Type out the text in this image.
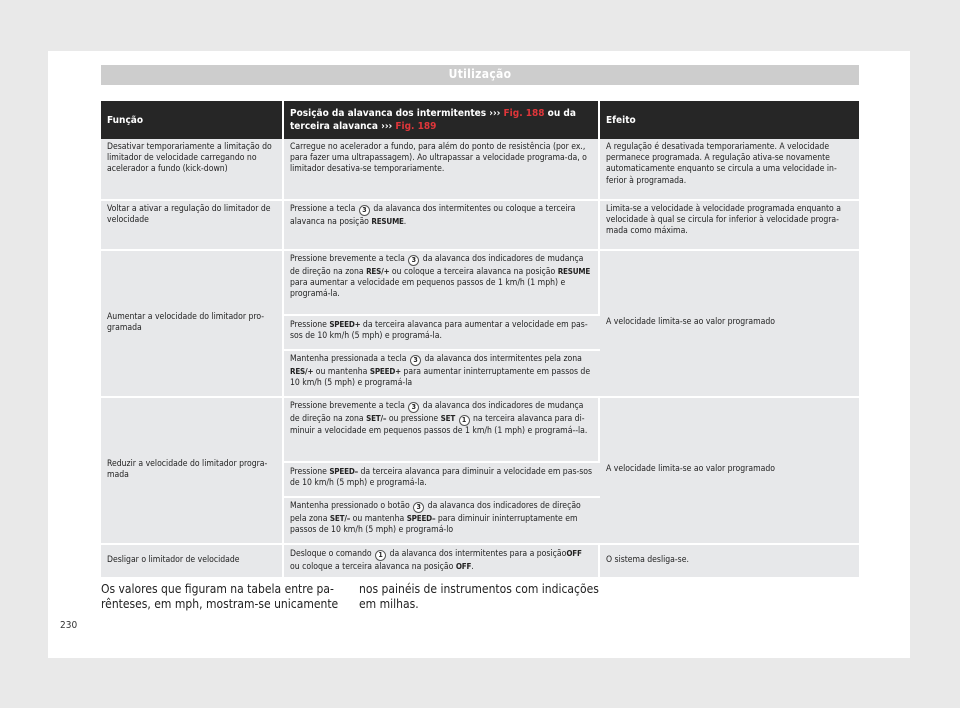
Utilização
Função	Posição da alavanca dos intermitentes ››› Fig. 188 ou da terceira alavanca ››› Fig. 189	Efeito
Desativar temporariamente a limitação do limitador de velocidade carregando no acelerador a fundo (kick-down)	Carregue no acelerador a fundo, para além do ponto de resistência (por ex., para fazer uma ultrapassagem). Ao ultrapassar a velocidade programa-da, o limitador desativa-se temporariamente.	A regulação é desativada temporariamente. A velocidade permanece programada. A regulação ativa-se novamente automaticamente enquanto se circula a uma velocidade in-ferior à programada.
Voltar a ativar a regulação do limitador de velocidade	Pressione a tecla 3 da alavanca dos intermitentes ou coloque a terceira alavanca na posição RESUME.	Limita-se a velocidade à velocidade programada enquanto a velocidade à qual se circula for inferior à velocidade progra-mada como máxima.
Aumentar a velocidade do limitador pro-gramada	Pressione brevemente a tecla 3 da alavanca dos indicadores de mudança de direção na zona RES/+ ou coloque a terceira alavanca na posição RESUME para aumentar a velocidade em pequenos passos de 1 km/h (1 mph) e programá-la.	A velocidade limita-se ao valor programado
	Pressione SPEED+ da terceira alavanca para aumentar a velocidade em pas-sos de 10 km/h (5 mph) e programá-la.	
	Mantenha pressionada a tecla 3 da alavanca dos intermitentes pela zona RES/+ ou mantenha SPEED+ para aumentar ininterruptamente em passos de 10 km/h (5 mph) e programá-la	
Reduzir a velocidade do limitador progra-mada	Pressione brevemente a tecla 3 da alavanca dos indicadores de mudança de direção na zona SET/– ou pressione SET 1 na terceira alavanca para di-minuir a velocidade em pequenos passos de 1 km/h (1 mph) e programá--la.	A velocidade limita-se ao valor programado
	Pressione SPEED– da terceira alavanca para diminuir a velocidade em pas-sos de 10 km/h (5 mph) e programá-la.	
	Mantenha pressionado o botão 3 da alavanca dos indicadores de direção pela zona SET/– ou mantenha SPEED– para diminuir ininterruptamente em passos de 10 km/h (5 mph) e programá-lo	
Desligar o limitador de velocidade	Desloque o comando 1 da alavanca dos intermitentes para a posiçãoOFF ou coloque a terceira alavanca na posição OFF.	O sistema desliga-se.
Os valores que figuram na tabela entre pa-rênteses, em mph, mostram-se unicamente
nos painéis de instrumentos com indicações em milhas.
230
